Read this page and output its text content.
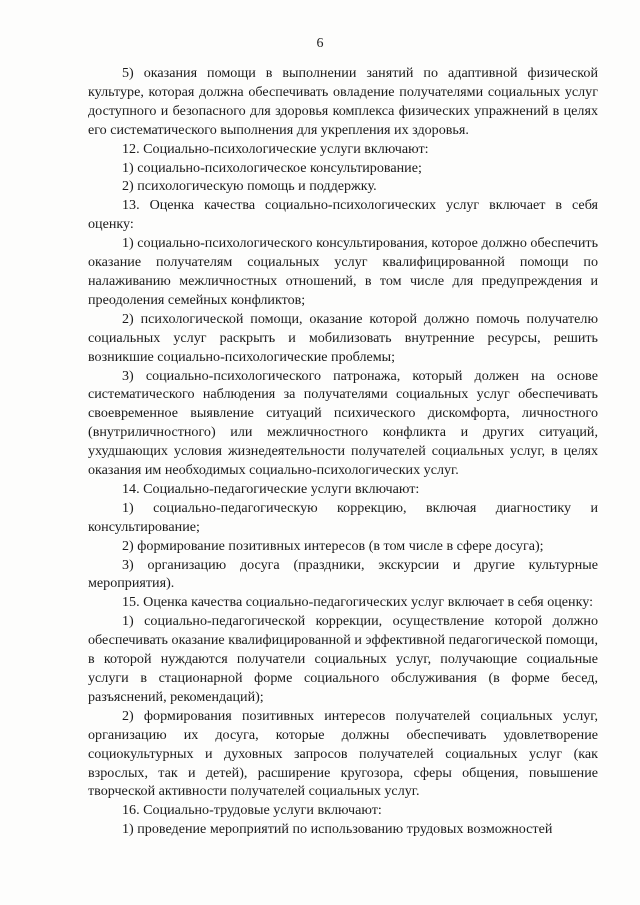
6

5) оказания помощи в выполнении занятий по адаптивной физической культуре, которая должна обеспечивать овладение получателями социальных услуг доступного и безопасного для здоровья комплекса физических упражнений в целях его систематического выполнения для укрепления их здоровья.

12. Социально-психологические услуги включают:

1) социально-психологическое консультирование;

2) психологическую помощь и поддержку.

13. Оценка качества социально-психологических услуг включает в себя оценку:

1) социально-психологического консультирования, которое должно обеспечить оказание получателям социальных услуг квалифицированной помощи по налаживанию межличностных отношений, в том числе для предупреждения и преодоления семейных конфликтов;

2) психологической помощи, оказание которой должно помочь получателю социальных услуг раскрыть и мобилизовать внутренние ресурсы, решить возникшие социально-психологические проблемы;

3) социально-психологического патронажа, который должен на основе систематического наблюдения за получателями социальных услуг обеспечивать своевременное выявление ситуаций психического дискомфорта, личностного (внутриличностного) или межличностного конфликта и других ситуаций, ухудшающих условия жизнедеятельности получателей социальных услуг, в целях оказания им необходимых социально-психологических услуг.

14. Социально-педагогические услуги включают:

1) социально-педагогическую коррекцию, включая диагностику и консультирование;

2) формирование позитивных интересов (в том числе в сфере досуга);

3) организацию досуга (праздники, экскурсии и другие культурные мероприятия).

15. Оценка качества социально-педагогических услуг включает в себя оценку:

1) социально-педагогической коррекции, осуществление которой должно обеспечивать оказание квалифицированной и эффективной педагогической помощи, в которой нуждаются получатели социальных услуг, получающие социальные услуги в стационарной форме социального обслуживания (в форме бесед, разъяснений, рекомендаций);

2) формирования позитивных интересов получателей социальных услуг, организацию их досуга, которые должны обеспечивать удовлетворение социокультурных и духовных запросов получателей социальных услуг (как взрослых, так и детей), расширение кругозора, сферы общения, повышение творческой активности получателей социальных услуг.

16. Социально-трудовые услуги включают:

1) проведение мероприятий по использованию трудовых возможностей
